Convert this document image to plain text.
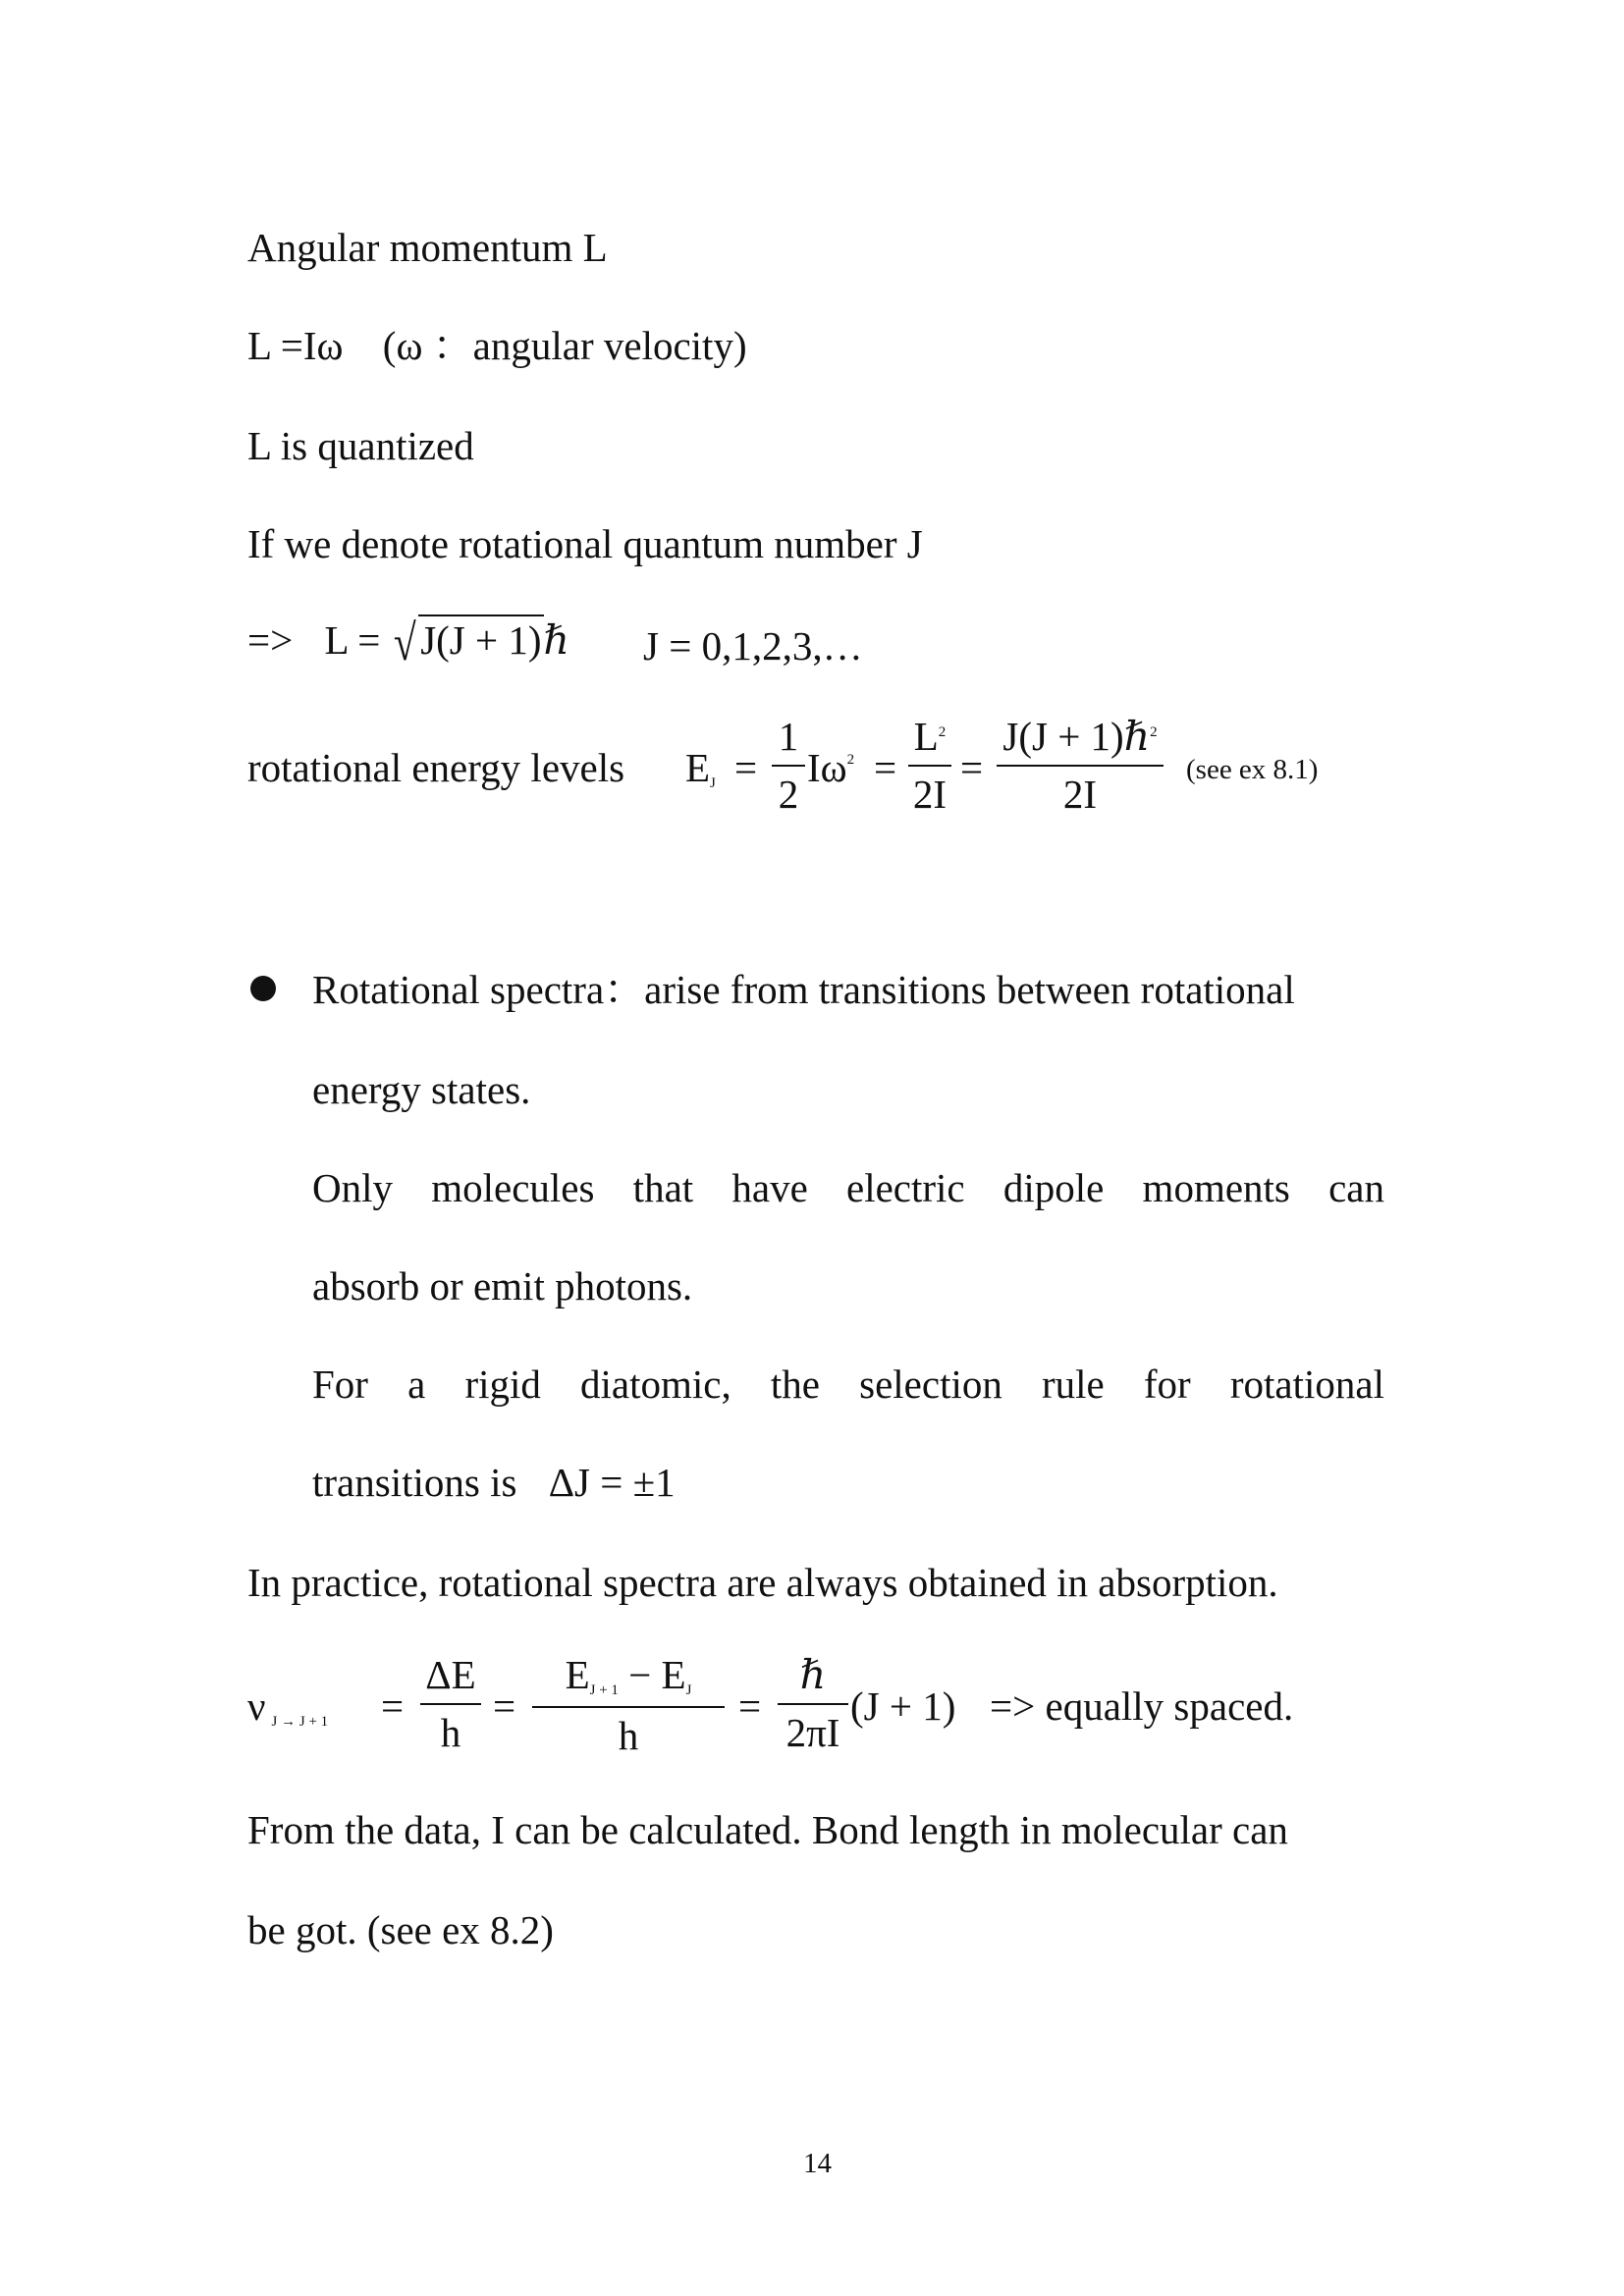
Angular momentum L
L =Iω (ω ：angular velocity)
L is quantized
If we denote rotational quantum number J
=> L = √ J(J + 1)ℏ J = 0,1,2,3,…
rotational energy levels $E_J$ =
1
2
$I\omega^2$ =
$L^2$
2I
=
J(J + 1)ℏ$^2$
2I
(see ex 8.1)
Rotational spectra：arise from transitions between rotational
energy states.
Only molecules that have electric dipole moments can
absorb or emit photons.
For a rigid diatomic, the selection rule for rotational
transitions is ΔJ = ±1
In practice, rotational spectra are always obtained in absorption.
ν $_{J \to J + 1}$ =
ΔE
h
=
$E_{J + 1} - E_J$
h
=
ℏ
2πI
(J + 1) => equally spaced.
From the data, I can be calculated. Bond length in molecular can
be got. (see ex 8.2)
14
